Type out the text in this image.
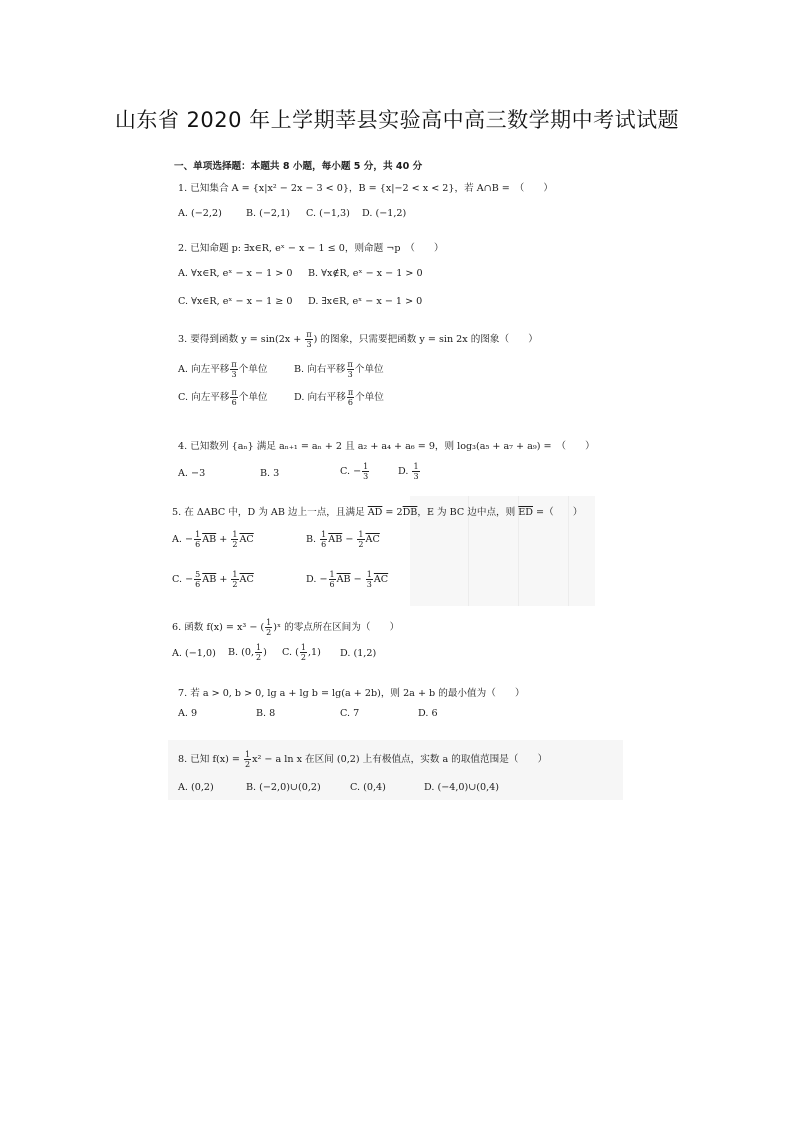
山东省 2020 年上学期莘县实验高中高三数学期中考试试题
一、单项选择题：本题共 8 小题，每小题 5 分，共 40 分
1. 已知集合 A = {x|x² − 2x − 3 < 0}，B = {x|−2 < x < 2}，若 A∩B =　（　　）
A. (−2,2)	B. (−2,1) C. (−1,3) D. (−1,2)
2. 已知命题 p: ∃x∈R, eˣ − x − 1 ≤ 0，则命题 ¬p　（　　）
A. ∀x∈R, eˣ − x − 1 > 0 B. ∀x∉R, eˣ − x − 1 > 0
C. ∀x∈R, eˣ − x − 1 ≥ 0 D. ∃x∈R, eˣ − x − 1 > 0
3. 要得到函数 $y = \sin(2x + \frac{\pi}{3}$ ) 的图象，只需要把函数 y = sin 2x 的图象（　　）
A. 向左平移 $\frac{\pi}{3}$ 个单位	B. 向右平移 $\frac{\pi}{3}$ 个单位
C. 向左平移 $\frac{\pi}{6}$ 个单位	D. 向右平移 $\frac{\pi}{6}$ 个单位
4. 已知数列 {aₙ} 满足 aₙ₊₁ = aₙ + 2 且 a₂ + a₄ + a₆ = 9，则 log₃(a₅ + a₇ + a₉) =　（　　）
A. −3	B. 3	C. − $\frac{1}{3}$	D. $\frac{1}{3}$
5. 在 ΔABC 中，D 为 AB 边上一点，且满足 $\overline{AD} = 2\overline{DB}$，E 为 BC 边中点，则 $\overline{ED}$ =（　　）
A. − $\frac{1}{6} \overline{AB} + \frac{1}{2} \overline{AC}$	B. $\frac{1}{6} \overline{AB} - \frac{1}{2} \overline{AC}$
C. − $\frac{5}{6} \overline{AB} + \frac{1}{2} \overline{AC}$	D. − $\frac{1}{6} \overline{AB} - \frac{1}{3} \overline{AC}$
6. 函数 f(x) = x³ − ( $\frac{1}{2}$ )ˣ 的零点所在区间为（　　）
A. (−1,0) B. (0, $\frac{1}{2}$ ) C. ( $\frac{1}{2} ,1$) D. (1,2)
7. 若 a > 0, b > 0, lg a + lg b = lg(a + 2b)，则 2a + b 的最小值为（　　）
A. 9	B. 8	C. 7	D. 6
8. 已知 $f(x) = \frac{1}{2} x^2 - a$ ln x 在区间 (0,2) 上有极值点，实数 a 的取值范围是（　　）
A. (0,2)	B. (−2,0)∪(0,2)	C. (0,4)	D. (−4,0)∪(0,4)
